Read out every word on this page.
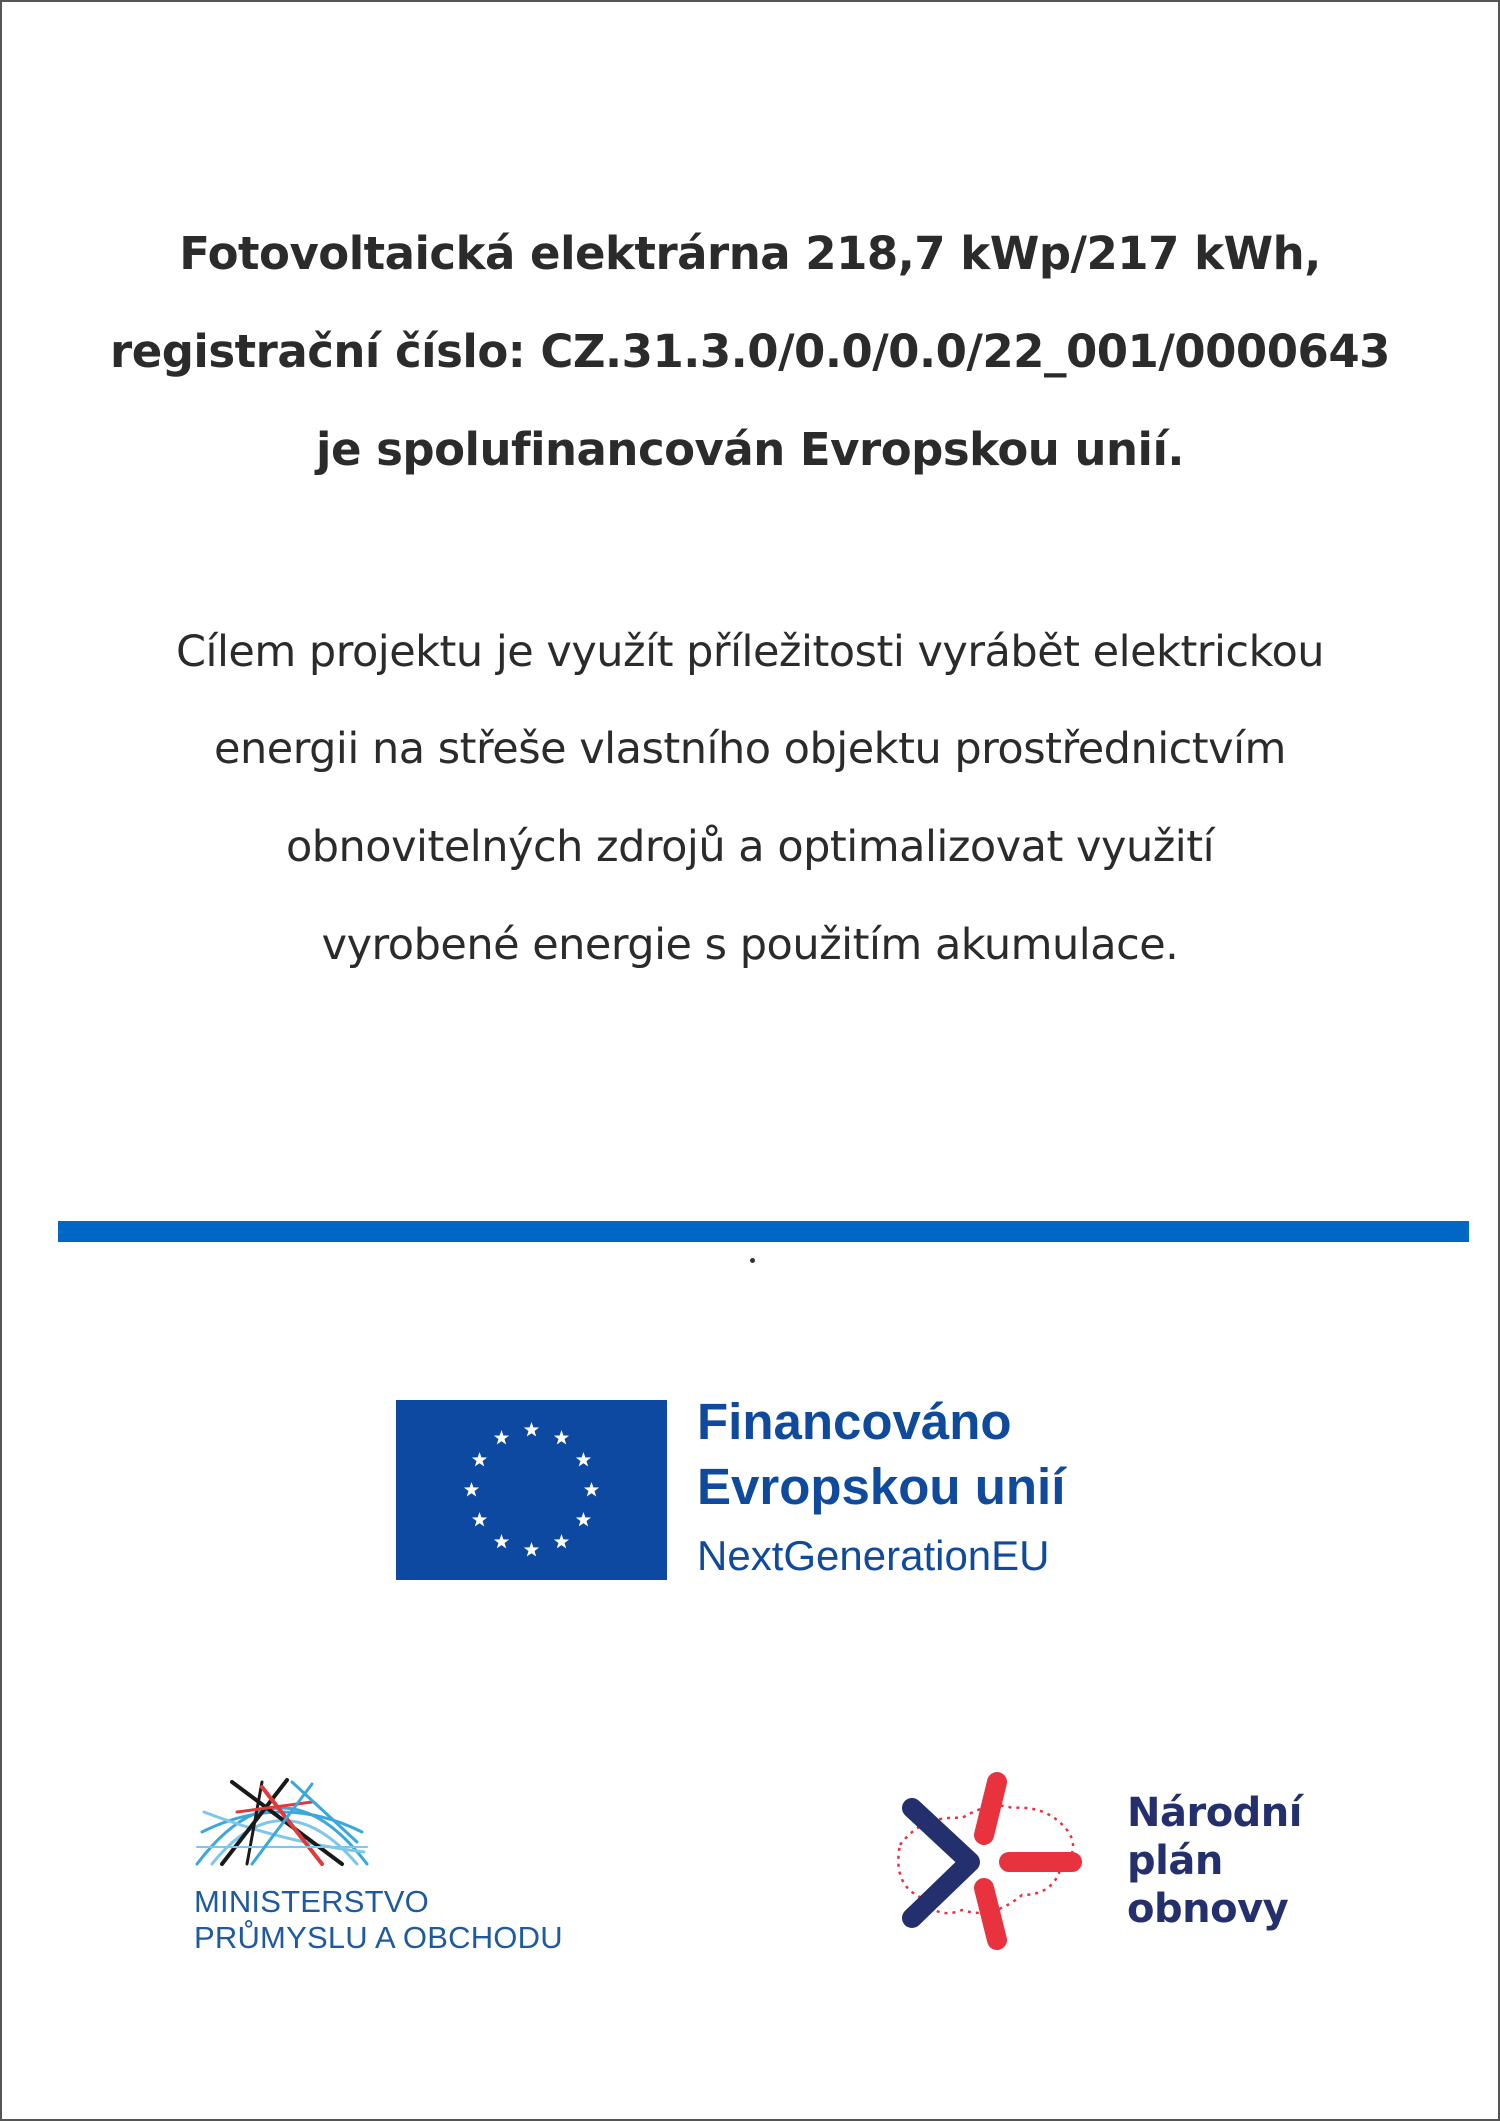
Fotovoltaická elektrárna 218,7 kWp/217 kWh,
registrační číslo: CZ.31.3.0/0.0/0.0/22_001/0000643
je spolufinancován Evropskou unií.
Cílem projektu je využít příležitosti vyrábět elektrickou
energii na střeše vlastního objektu prostřednictvím
obnovitelných zdrojů a optimalizovat využití
vyrobené energie s použitím akumulace.
Financováno
Evropskou unií
NextGenerationEU
MINISTERSTVO
PRŮMYSLU A OBCHODU
Národní
plán
obnovy
